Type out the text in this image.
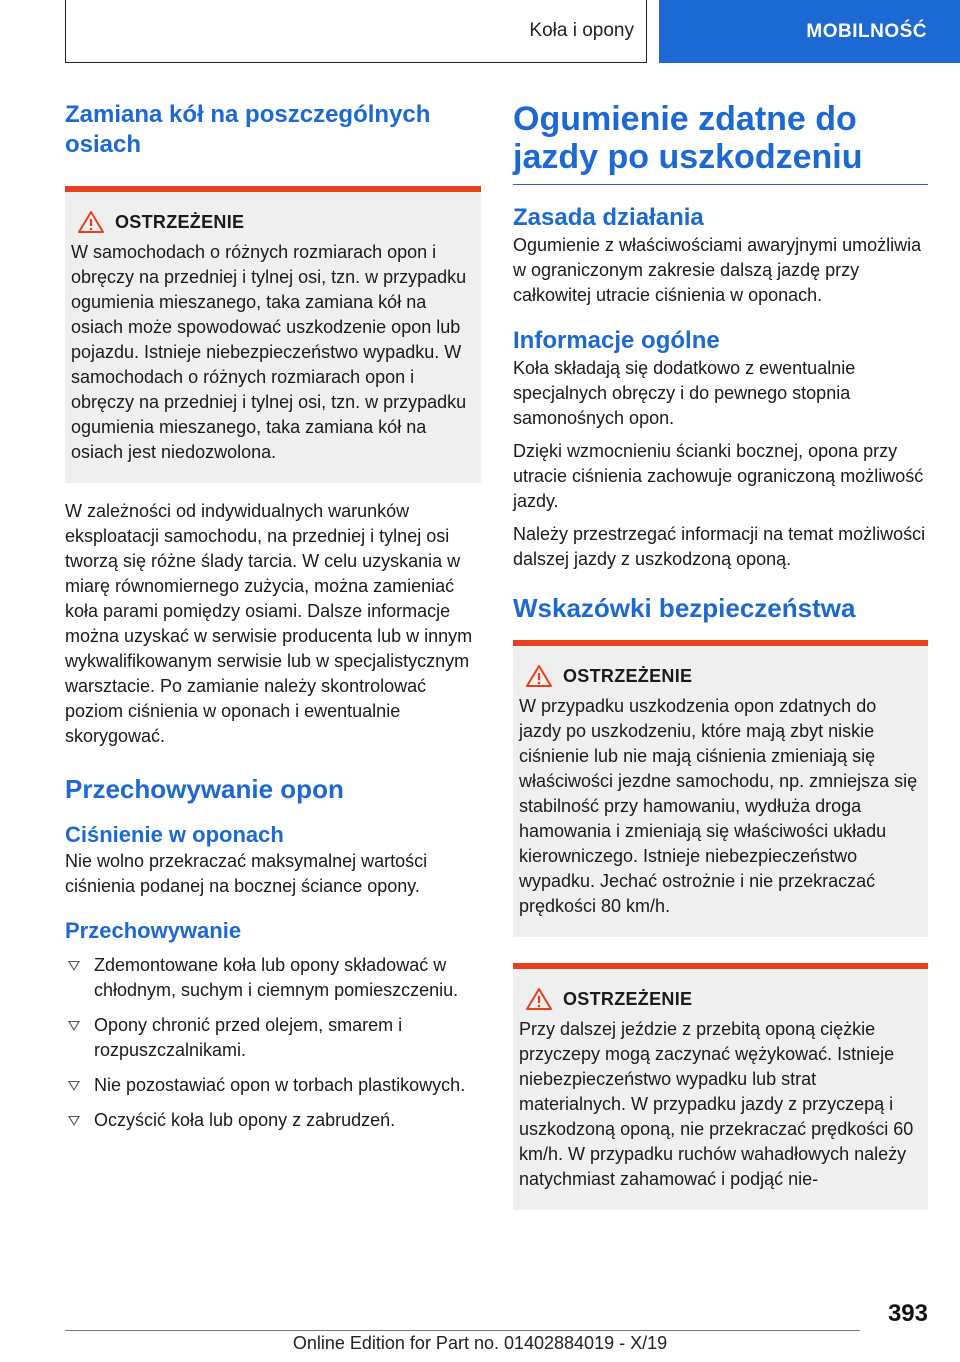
Koła i opony	MOBILNOŚĆ
Zamiana kół na poszczególnych osiach
OSTRZEŻENIE

W samochodach o różnych rozmiarach opon i obręczy na przedniej i tylnej osi, tzn. w przypadku ogumienia mieszanego, taka zamiana kół na osiach może spowodować uszkodzenie opon lub pojazdu. Istnieje niebezpieczeństwo wypadku. W samochodach o różnych rozmiarach opon i obręczy na przedniej i tylnej osi, tzn. w przypadku ogumienia mieszanego, taka zamiana kół na osiach jest niedozwolona.

W zależności od indywidualnych warunków eksploatacji samochodu, na przedniej i tylnej osi tworzą się różne ślady tarcia. W celu uzyskania w miarę równomiernego zużycia, można zamieniać koła parami pomiędzy osiami. Dalsze informacje można uzyskać w serwisie producenta lub w innym wykwalifikowanym serwisie lub w specjalistycznym warsztacie. Po zamianie należy skontrolować poziom ciśnienia w oponach i ewentualnie skorygować.

Przechowywanie opon
Ciśnienie w oponach

Nie wolno przekraczać maksymalnej wartości ciśnienia podanej na bocznej ściance opony.

Przechowywanie
Zdemontowane koła lub opony składować w chłodnym, suchym i ciemnym pomieszczeniu.
Opony chronić przed olejem, smarem i rozpuszczalnikami.
Nie pozostawiać opon w torbach plastikowych.
Oczyścić koła lub opony z zabrudzeń.
Ogumienie zdatne do jazdy po uszkodzeniu
Zasada działania

Ogumienie z właściwościami awaryjnymi umożliwia w ograniczonym zakresie dalszą jazdę przy całkowitej utracie ciśnienia w oponach.

Informacje ogólne

Koła składają się dodatkowo z ewentualnie specjalnych obręczy i do pewnego stopnia samonośnych opon.

Dzięki wzmocnieniu ścianki bocznej, opona przy utracie ciśnienia zachowuje ograniczoną możliwość jazdy.

Należy przestrzegać informacji na temat możliwości dalszej jazdy z uszkodzoną oponą.

Wskazówki bezpieczeństwa
OSTRZEŻENIE

W przypadku uszkodzenia opon zdatnych do jazdy po uszkodzeniu, które mają zbyt niskie ciśnienie lub nie mają ciśnienia zmieniają się właściwości jezdne samochodu, np. zmniejsza się stabilność przy hamowaniu, wydłuża droga hamowania i zmieniają się właściwości układu kierowniczego. Istnieje niebezpieczeństwo wypadku. Jechać ostrożnie i nie przekraczać prędkości 80 km/h.

OSTRZEŻENIE

Przy dalszej jeździe z przebitą oponą ciężkie przyczepy mogą zaczynać wężykować. Istnieje niebezpieczeństwo wypadku lub strat materialnych. W przypadku jazdy z przyczepą i uszkodzoną oponą, nie przekraczać prędkości 60 km/h. W przypadku ruchów wahadłowych należy natychmiast zahamować i podjąć nie-

393
Online Edition for Part no. 01402884019 - X/19
